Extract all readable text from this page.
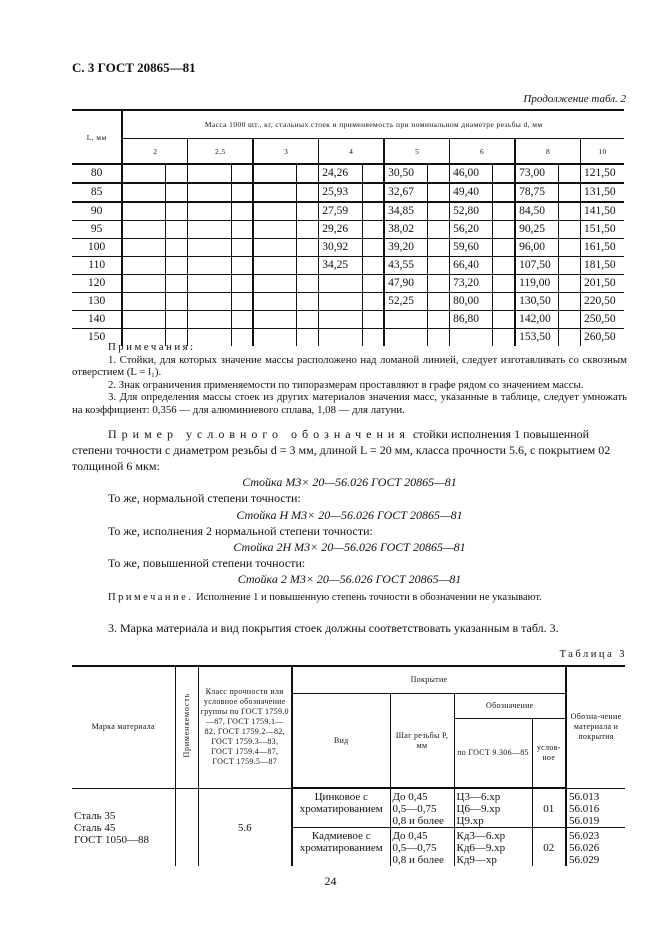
С. 3 ГОСТ 20865—81
Продолжение табл. 2
L, мм	Масса 1000 шт., кг, стальных стоек и применяемость при номинальном диаметре резьбы d, мм														
	2		2,5		3		4		5		6		8		10
80							24,26		30,50		46,00		73,00		121,50
85							25,93		32,67		49,40		78,75		131,50
90							27,59		34,85		52,80		84,50		141,50
95							29,26		38,02		56,20		90,25		151,50
100							30,92		39,20		59,60		96,00		161,50
110							34,25		43,55		66,40		107,50		181,50
120									47,90		73,20		119,00		201,50
130									52,25		80,00		130,50		220,50
140											86,80		142,00		250,50
150													153,50		260,50

Примечания:

1. Стойки, для которых значение массы расположено над ломаной линией, следует изготавливать со сквозным отверстием (L = l₁).

2. Знак ограничения применяемости по типоразмерам проставляют в графе рядом со значением массы.

3. Для определения массы стоек из других материалов значения масс, указанные в таблице, следует умножать на коэффициент: 0,356 — для алюминиевого сплава, 1,08 — для латуни.

Пример условного обозначения стойки исполнения 1 повышенной степени точности с диаметром резьбы d = 3 мм, длиной L = 20 мм, класса прочности 5.6, с покрытием 02 толщиной 6 мкм:

Стойка М3× 20—56.026 ГОСТ 20865—81

То же, нормальной степени точности:

Стойка Н М3× 20—56.026 ГОСТ 20865—81

То же, исполнения 2 нормальной степени точности:

Стойка 2Н М3× 20—56.026 ГОСТ 20865—81

То же, повышенной степени точности:

Стойка 2 М3× 20—56.026 ГОСТ 20865—81

Примечание. Исполнение 1 и повышенную степень точности в обозначении не указывают.

3. Марка материала и вид покрытия стоек должны соответствовать указанным в табл. 3.

Таблица 3
Марка материала	Применяемость	Класс прочности или условное обозначение группы по ГОСТ 1759.0—87, ГОСТ 1759.1—82, ГОСТ 1759.2—82, ГОСТ 1759.3—83, ГОСТ 1759.4—87, ГОСТ 1759.5—87	Покрытие				Обозна-чение материала и покрытия
			Вид	Шаг резьбы P, мм	Обозначение		
					по ГОСТ 9.306—85	услов-ное	
Сталь 35
Сталь 45
ГОСТ 1050—88		5.6	Цинковое с хроматированием	До 0,45
0,5—0,75
0,8 и более	Ц3—6.хр
Ц6—9.хр
Ц9.хр	01	56.013
56.016
56.019
			Кадмиевое с хроматированием	До 0,45
0,5—0,75
0,8 и более	Кд3—6.хр
Кд6—9.хр
Кд9—хр	02	56.023
56.026
56.029
24
